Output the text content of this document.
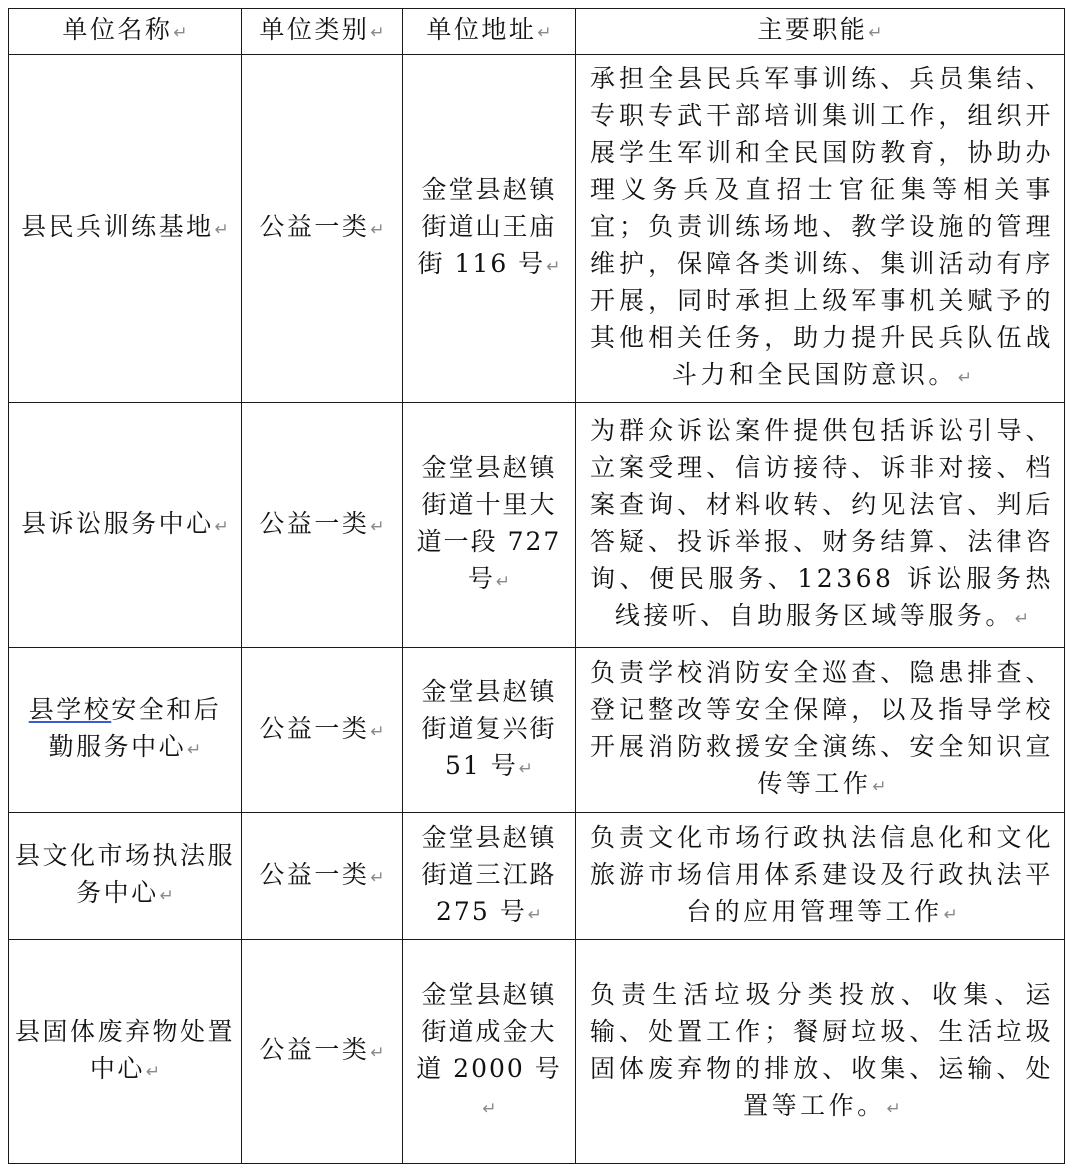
单位名称↵	单位类别↵	单位地址↵	主要职能↵
县民兵训练基地↵	公益一类↵	金堂县赵镇街道山王庙街 116 号↵	承担全县民兵军事训练、兵员集结、专职专武干部培训集训工作，组织开展学生军训和全民国防教育，协助办理义务兵及直招士官征集等相关事宜；负责训练场地、教学设施的管理维护，保障各类训练、集训活动有序开展，同时承担上级军事机关赋予的其他相关任务，助力提升民兵队伍战斗力和全民国防意识。↵
县诉讼服务中心↵	公益一类↵	金堂县赵镇街道十里大道一段 727 号↵	为群众诉讼案件提供包括诉讼引导、立案受理、信访接待、诉非对接、档案查询、材料收转、约见法官、判后答疑、投诉举报、财务结算、法律咨询、便民服务、12368 诉讼服务热线接听、自助服务区域等服务。↵
县学校安全和后勤服务中心↵	公益一类↵	金堂县赵镇街道复兴街 51 号↵	负责学校消防安全巡查、隐患排查、登记整改等安全保障，以及指导学校开展消防救援安全演练、安全知识宣传等工作↵
县文化市场执法服务中心↵	公益一类↵	金堂县赵镇街道三江路 275 号↵	负责文化市场行政执法信息化和文化旅游市场信用体系建设及行政执法平台的应用管理等工作↵
县固体废弃物处置中心↵	公益一类↵	金堂县赵镇街道成金大道 2000 号↵	负责生活垃圾分类投放、收集、运输、处置工作；餐厨垃圾、生活垃圾固体废弃物的排放、收集、运输、处置等工作。↵
